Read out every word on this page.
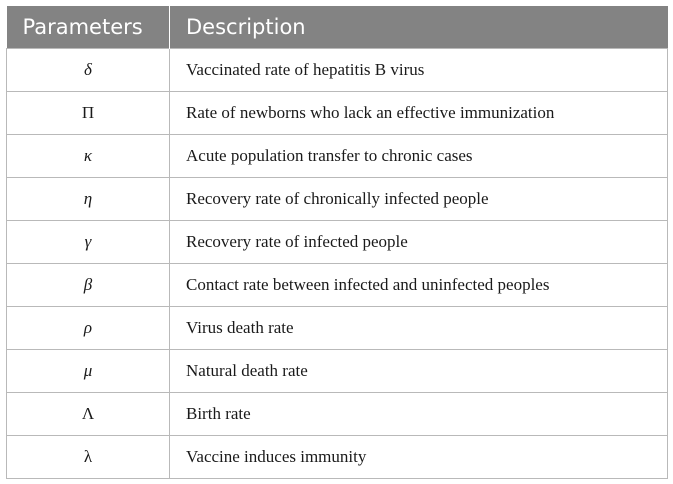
Parameters	Description
δ	Vaccinated rate of hepatitis B virus
Π	Rate of newborns who lack an effective immunization
κ	Acute population transfer to chronic cases
η	Recovery rate of chronically infected people
γ	Recovery rate of infected people
β	Contact rate between infected and uninfected peoples
ρ	Virus death rate
μ	Natural death rate
Λ	Birth rate
λ	Vaccine induces immunity
